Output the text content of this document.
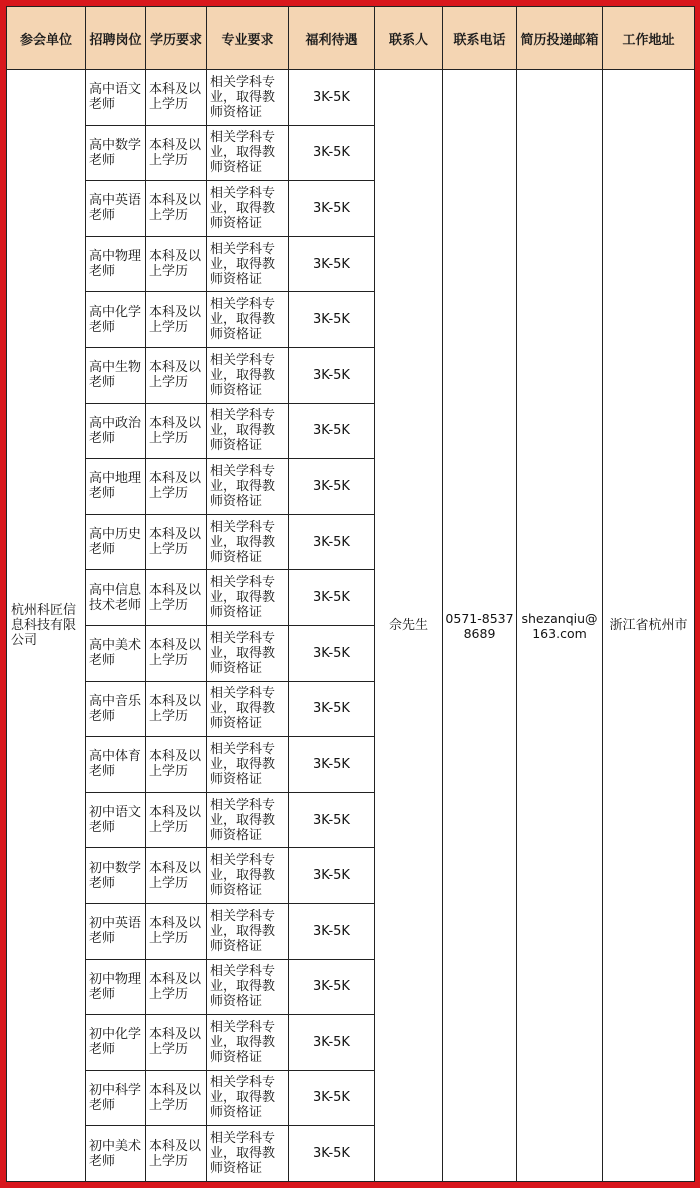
参会单位	招聘岗位	学历要求	专业要求	福利待遇	联系人	联系电话	简历投递邮箱	工作地址
杭州科匠信息科技有限公司	高中语文老师	本科及以上学历	相关学科专业，取得教师资格证	3K-5K	佘先生	0571-85378689	shezanqiu@163.com	浙江省杭州市
	高中数学老师	本科及以上学历	相关学科专业，取得教师资格证	3K-5K				
	高中英语老师	本科及以上学历	相关学科专业，取得教师资格证	3K-5K				
	高中物理老师	本科及以上学历	相关学科专业，取得教师资格证	3K-5K				
	高中化学老师	本科及以上学历	相关学科专业，取得教师资格证	3K-5K				
	高中生物老师	本科及以上学历	相关学科专业，取得教师资格证	3K-5K				
	高中政治老师	本科及以上学历	相关学科专业，取得教师资格证	3K-5K				
	高中地理老师	本科及以上学历	相关学科专业，取得教师资格证	3K-5K				
	高中历史老师	本科及以上学历	相关学科专业，取得教师资格证	3K-5K				
	高中信息技术老师	本科及以上学历	相关学科专业，取得教师资格证	3K-5K				
	高中美术老师	本科及以上学历	相关学科专业，取得教师资格证	3K-5K				
	高中音乐老师	本科及以上学历	相关学科专业，取得教师资格证	3K-5K				
	高中体育老师	本科及以上学历	相关学科专业，取得教师资格证	3K-5K				
	初中语文老师	本科及以上学历	相关学科专业，取得教师资格证	3K-5K				
	初中数学老师	本科及以上学历	相关学科专业，取得教师资格证	3K-5K				
	初中英语老师	本科及以上学历	相关学科专业，取得教师资格证	3K-5K				
	初中物理老师	本科及以上学历	相关学科专业，取得教师资格证	3K-5K				
	初中化学老师	本科及以上学历	相关学科专业，取得教师资格证	3K-5K				
	初中科学老师	本科及以上学历	相关学科专业，取得教师资格证	3K-5K				
	初中美术老师	本科及以上学历	相关学科专业，取得教师资格证	3K-5K				
